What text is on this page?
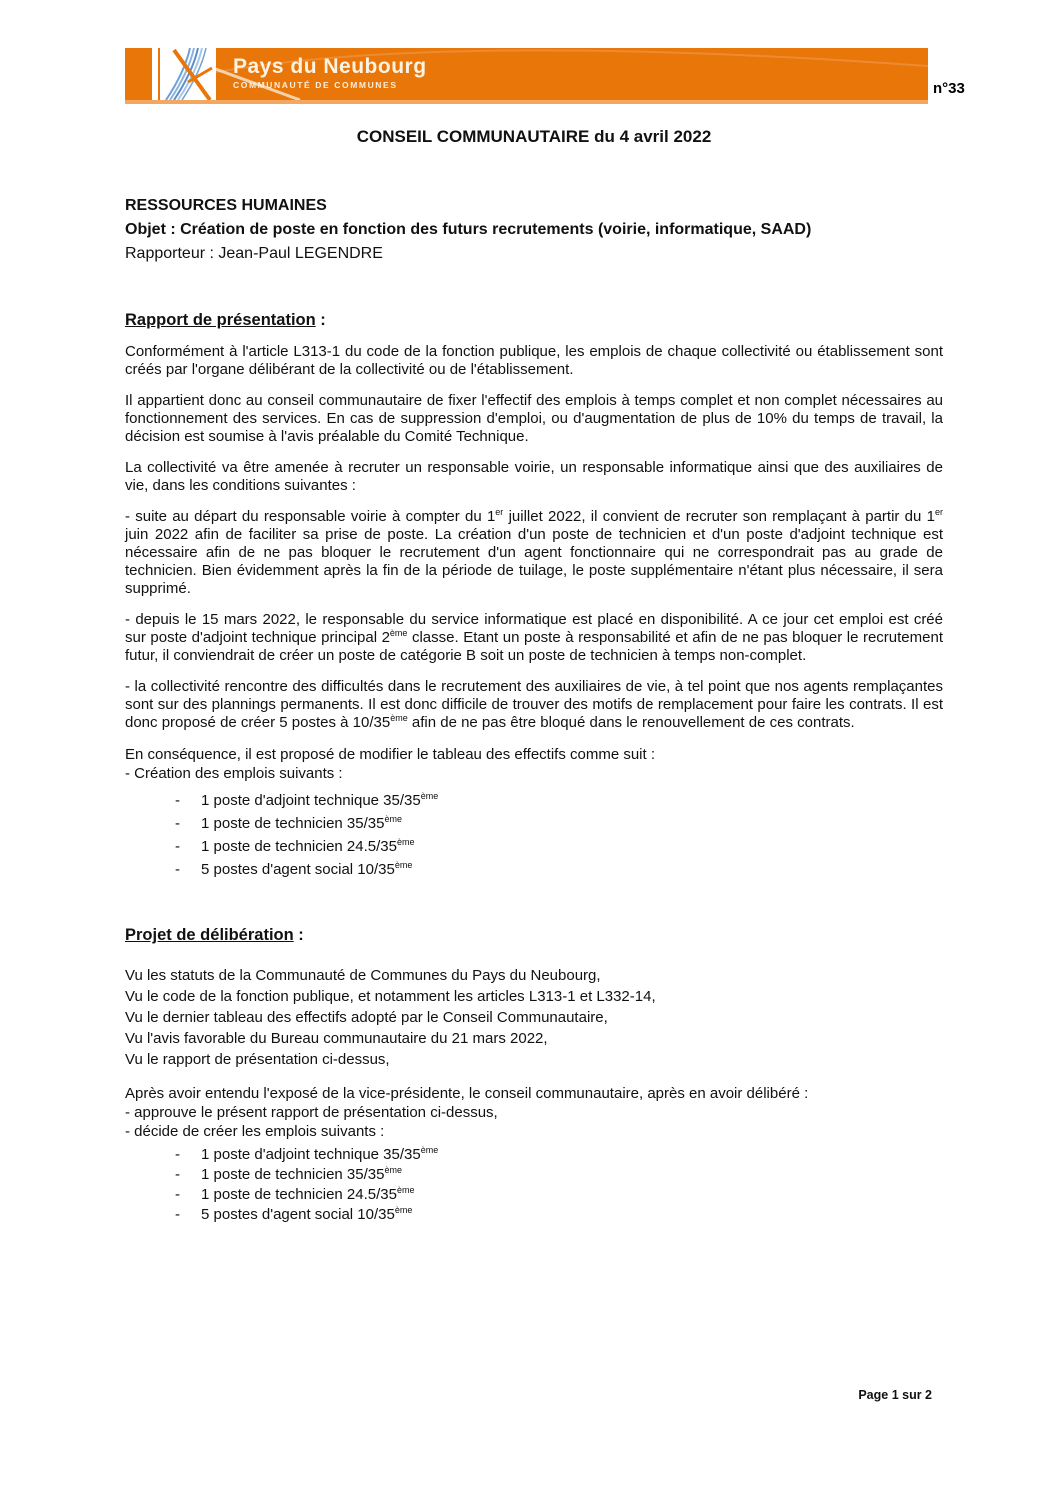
Pays du Neubourg
COMMUNAUTÉ DE COMMUNES	n°33
CONSEIL COMMUNAUTAIRE du 4 avril 2022
RESSOURCES HUMAINES
Objet : Création de poste en fonction des futurs recrutements (voirie, informatique, SAAD)
Rapporteur : Jean-Paul LEGENDRE
Rapport de présentation :

Conformément à l'article L313-1 du code de la fonction publique, les emplois de chaque collectivité ou établissement sont créés par l'organe délibérant de la collectivité ou de l'établissement.

Il appartient donc au conseil communautaire de fixer l'effectif des emplois à temps complet et non complet nécessaires au fonctionnement des services. En cas de suppression d'emploi, ou d'augmentation de plus de 10% du temps de travail, la décision est soumise à l'avis préalable du Comité Technique.

La collectivité va être amenée à recruter un responsable voirie, un responsable informatique ainsi que des auxiliaires de vie, dans les conditions suivantes :

- suite au départ du responsable voirie à compter du 1er juillet 2022, il convient de recruter son remplaçant à partir du 1er juin 2022 afin de faciliter sa prise de poste. La création d'un poste de technicien et d'un poste d'adjoint technique est nécessaire afin de ne pas bloquer le recrutement d'un agent fonctionnaire qui ne correspondrait pas au grade de technicien. Bien évidemment après la fin de la période de tuilage, le poste supplémentaire n'étant plus nécessaire, il sera supprimé.

- depuis le 15 mars 2022, le responsable du service informatique est placé en disponibilité. A ce jour cet emploi est créé sur poste d'adjoint technique principal 2ème classe. Etant un poste à responsabilité et afin de ne pas bloquer le recrutement futur, il conviendrait de créer un poste de catégorie B soit un poste de technicien à temps non-complet.

- la collectivité rencontre des difficultés dans le recrutement des auxiliaires de vie, à tel point que nos agents remplaçantes sont sur des plannings permanents. Il est donc difficile de trouver des motifs de remplacement pour faire les contrats. Il est donc proposé de créer 5 postes à 10/35ème afin de ne pas être bloqué dans le renouvellement de ces contrats.

En conséquence, il est proposé de modifier le tableau des effectifs comme suit :
- Création des emplois suivants :
-	1 poste d'adjoint technique 35/35ème
-	1 poste de technicien 35/35ème
-	1 poste de technicien 24.5/35ème
-	5 postes d'agent social 10/35ème
Projet de délibération :
Vu les statuts de la Communauté de Communes du Pays du Neubourg,
Vu le code de la fonction publique, et notamment les articles L313-1 et L332-14,
Vu le dernier tableau des effectifs adopté par le Conseil Communautaire,
Vu l'avis favorable du Bureau communautaire du 21 mars 2022,
Vu le rapport de présentation ci-dessus,
Après avoir entendu l'exposé de la vice-présidente, le conseil communautaire, après en avoir délibéré :
- approuve le présent rapport de présentation ci-dessus,
- décide de créer les emplois suivants :
-	1 poste d'adjoint technique 35/35ème
-	1 poste de technicien 35/35ème
-	1 poste de technicien 24.5/35ème
-	5 postes d'agent social 10/35ème
Page 1 sur 2
